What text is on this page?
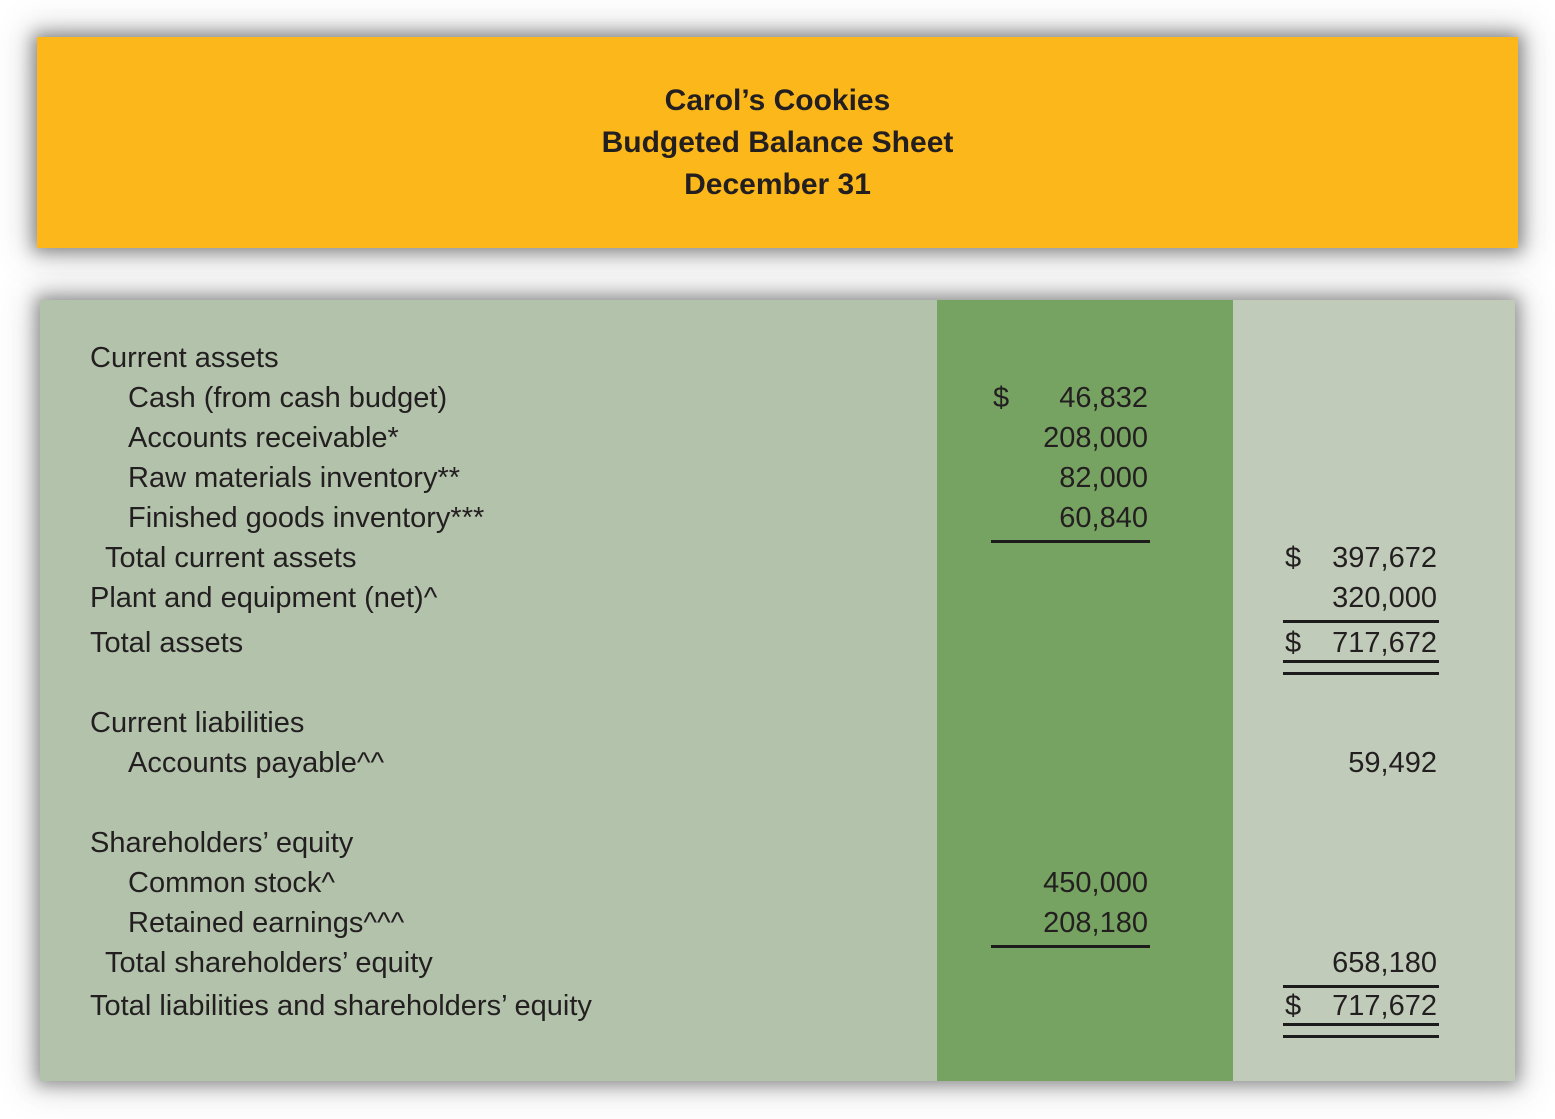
Carol’s Cookies
Budgeted Balance Sheet
December 31
Current assets
Cash (from cash budget)	$ 46,832
Accounts receivable*	208,000
Raw materials inventory**	82,000
Finished goods inventory***	60,840
Total current assets	$ 397,672
Plant and equipment (net)^	320,000
Total assets	$ 717,672
Current liabilities
Accounts payable^^	59,492
Shareholders’ equity
Common stock^	450,000
Retained earnings^^^	208,180
Total shareholders’ equity	658,180
Total liabilities and shareholders’ equity	$ 717,672
